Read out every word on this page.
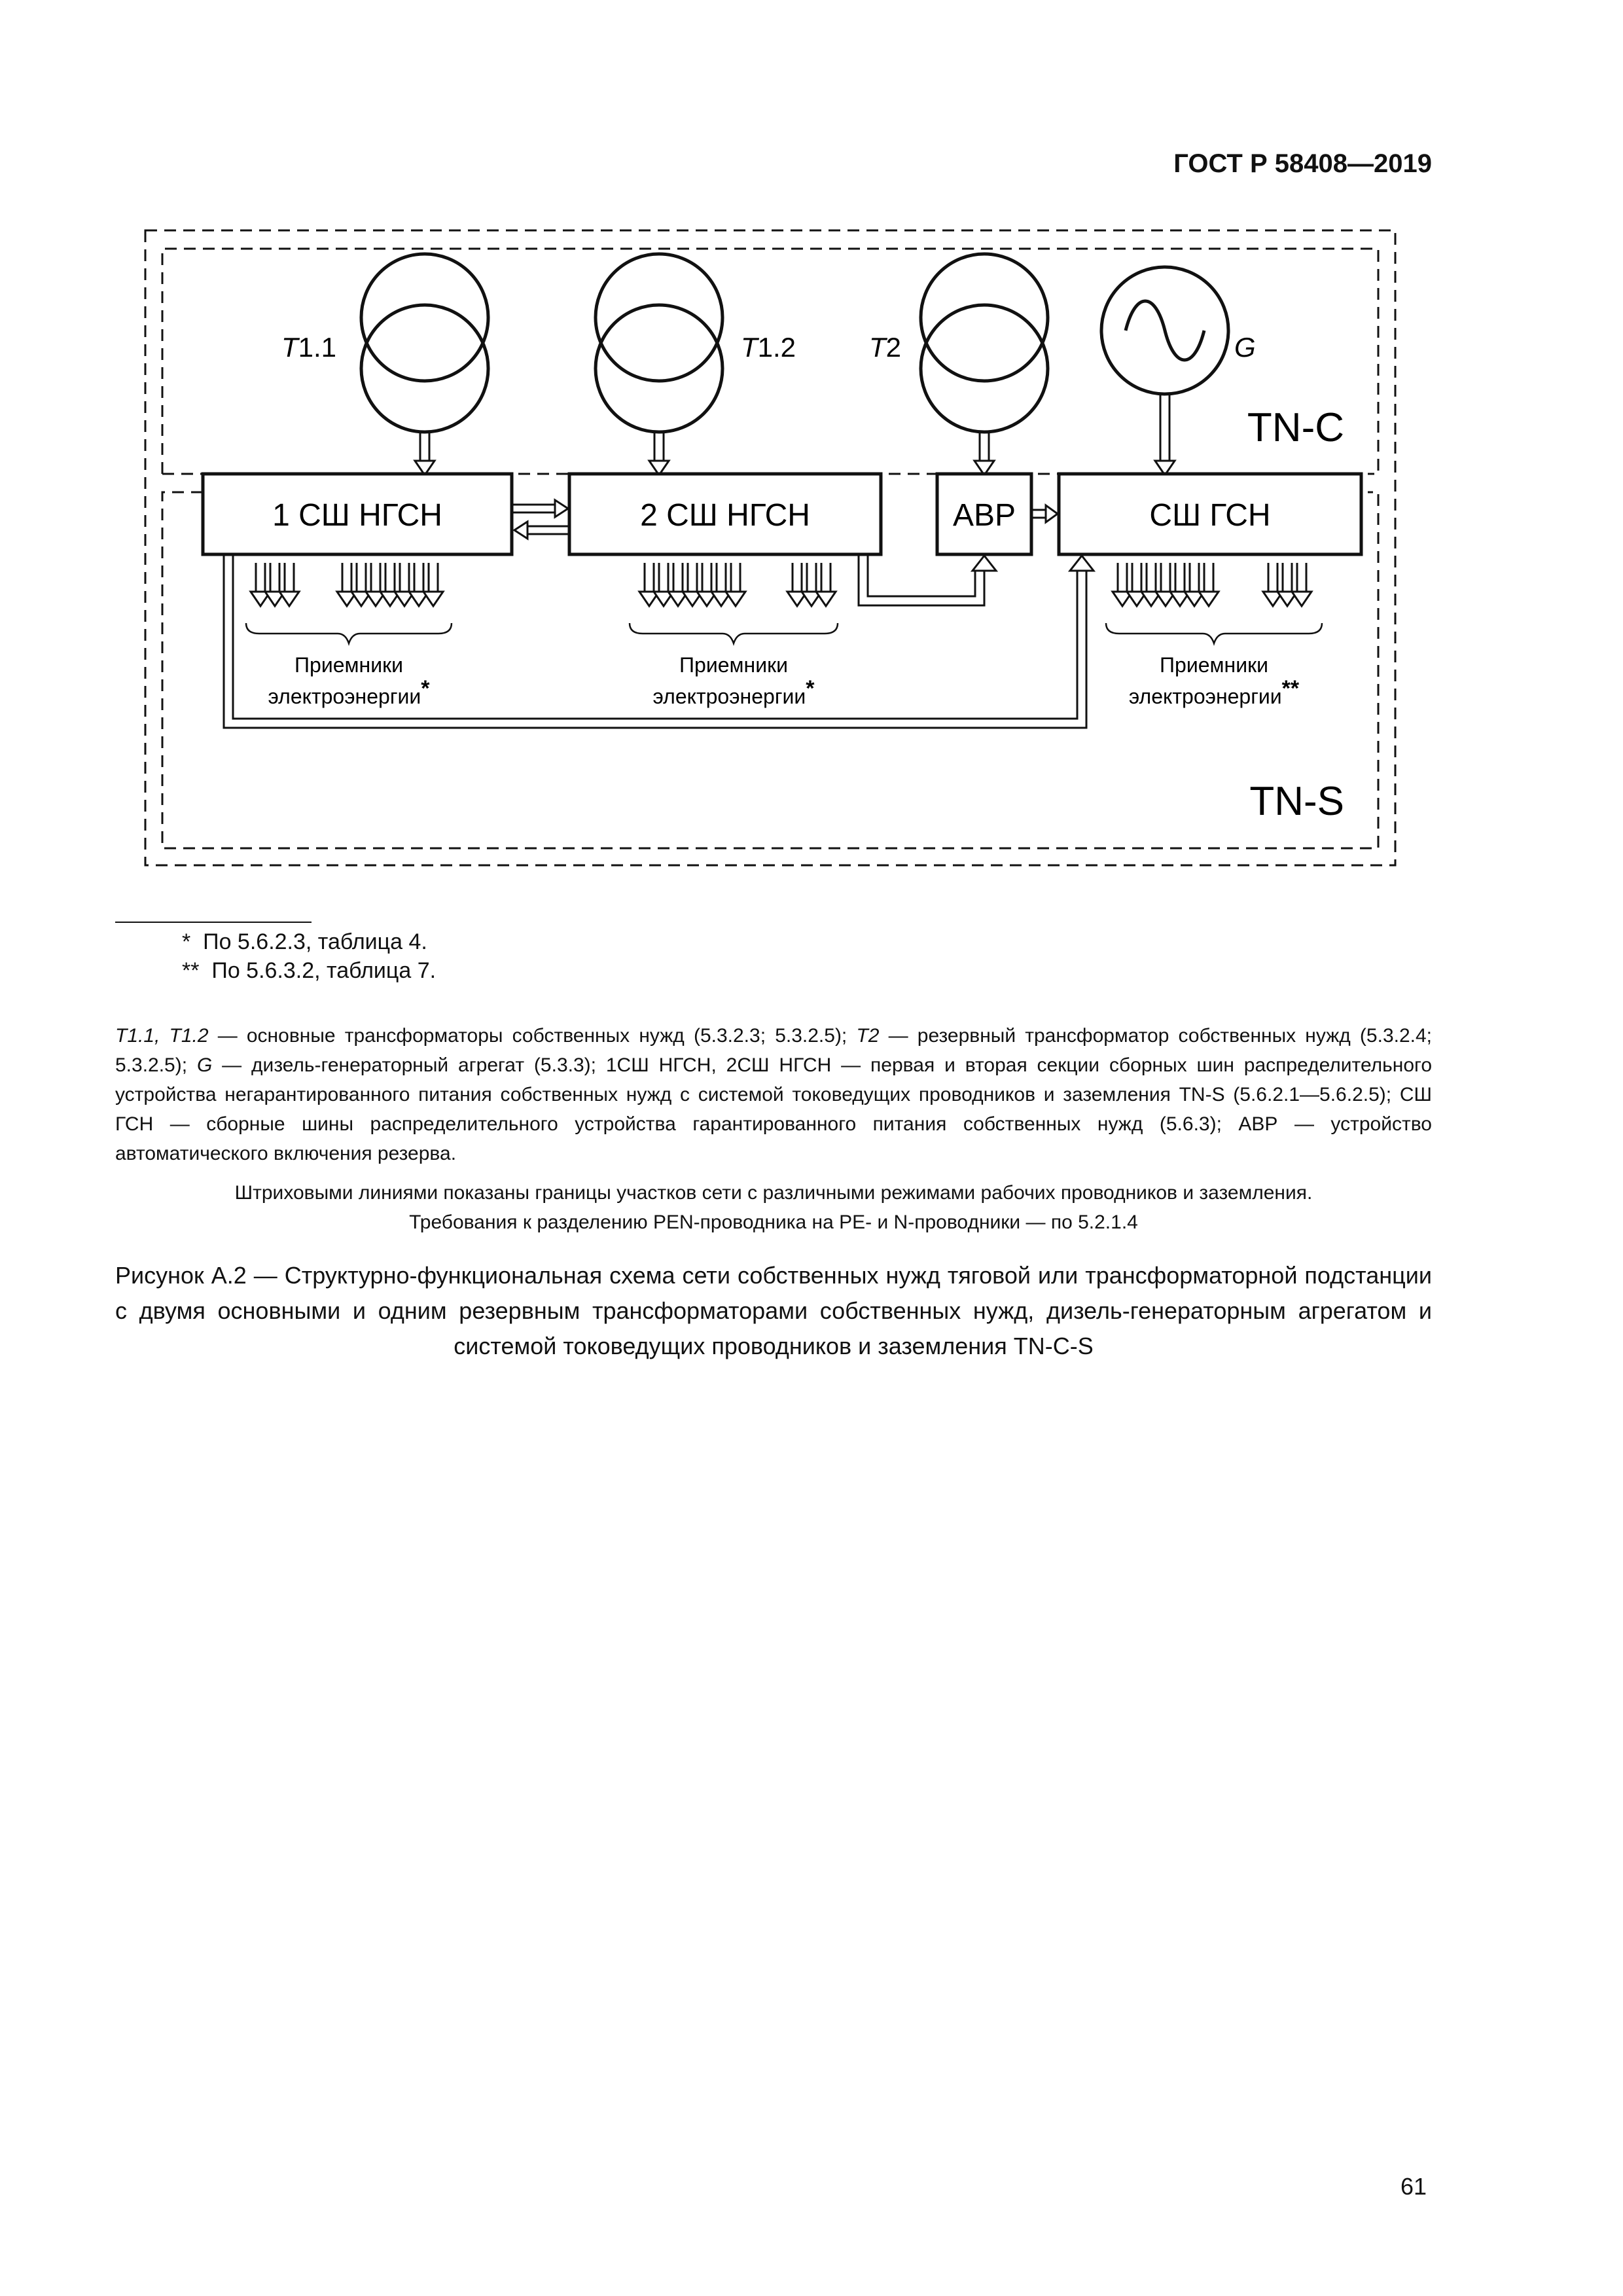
ГОСТ Р 58408—2019
TN-C
TN-S
T1.1	T1.2	T2	G
1 СШ НГСН	2 СШ НГСН	АВР	СШ ГСН
Приемники
электроэнергии*
Приемники
электроэнергии*
Приемники
электроэнергии**
* По 5.6.2.3, таблица 4.
** По 5.6.3.2, таблица 7.
T1.1, T1.2 — основные трансформаторы собственных нужд (5.3.2.3; 5.3.2.5); T2 — резервный трансформатор собственных нужд (5.3.2.4; 5.3.2.5); G — дизель-генераторный агрегат (5.3.3); 1СШ НГСН, 2СШ НГСН — первая и вторая секции сборных шин распределительного устройства негарантированного питания собственных нужд с системой токоведущих проводников и заземления TN-S (5.6.2.1—5.6.2.5); СШ ГСН — сборные шины распределительного устройства гарантированного питания собственных нужд (5.6.3); АВР — устройство автоматического включения резерва.
Штриховыми линиями показаны границы участков сети с различными режимами рабочих проводников и заземления.
Требования к разделению PEN-проводника на PE- и N-проводники — по 5.2.1.4
Рисунок А.2 — Структурно-функциональная схема сети собственных нужд тяговой или трансформаторной подстанции с двумя основными и одним резервным трансформаторами собственных нужд, дизель-генераторным агрегатом и системой токоведущих проводников и заземления TN-C-S
61
